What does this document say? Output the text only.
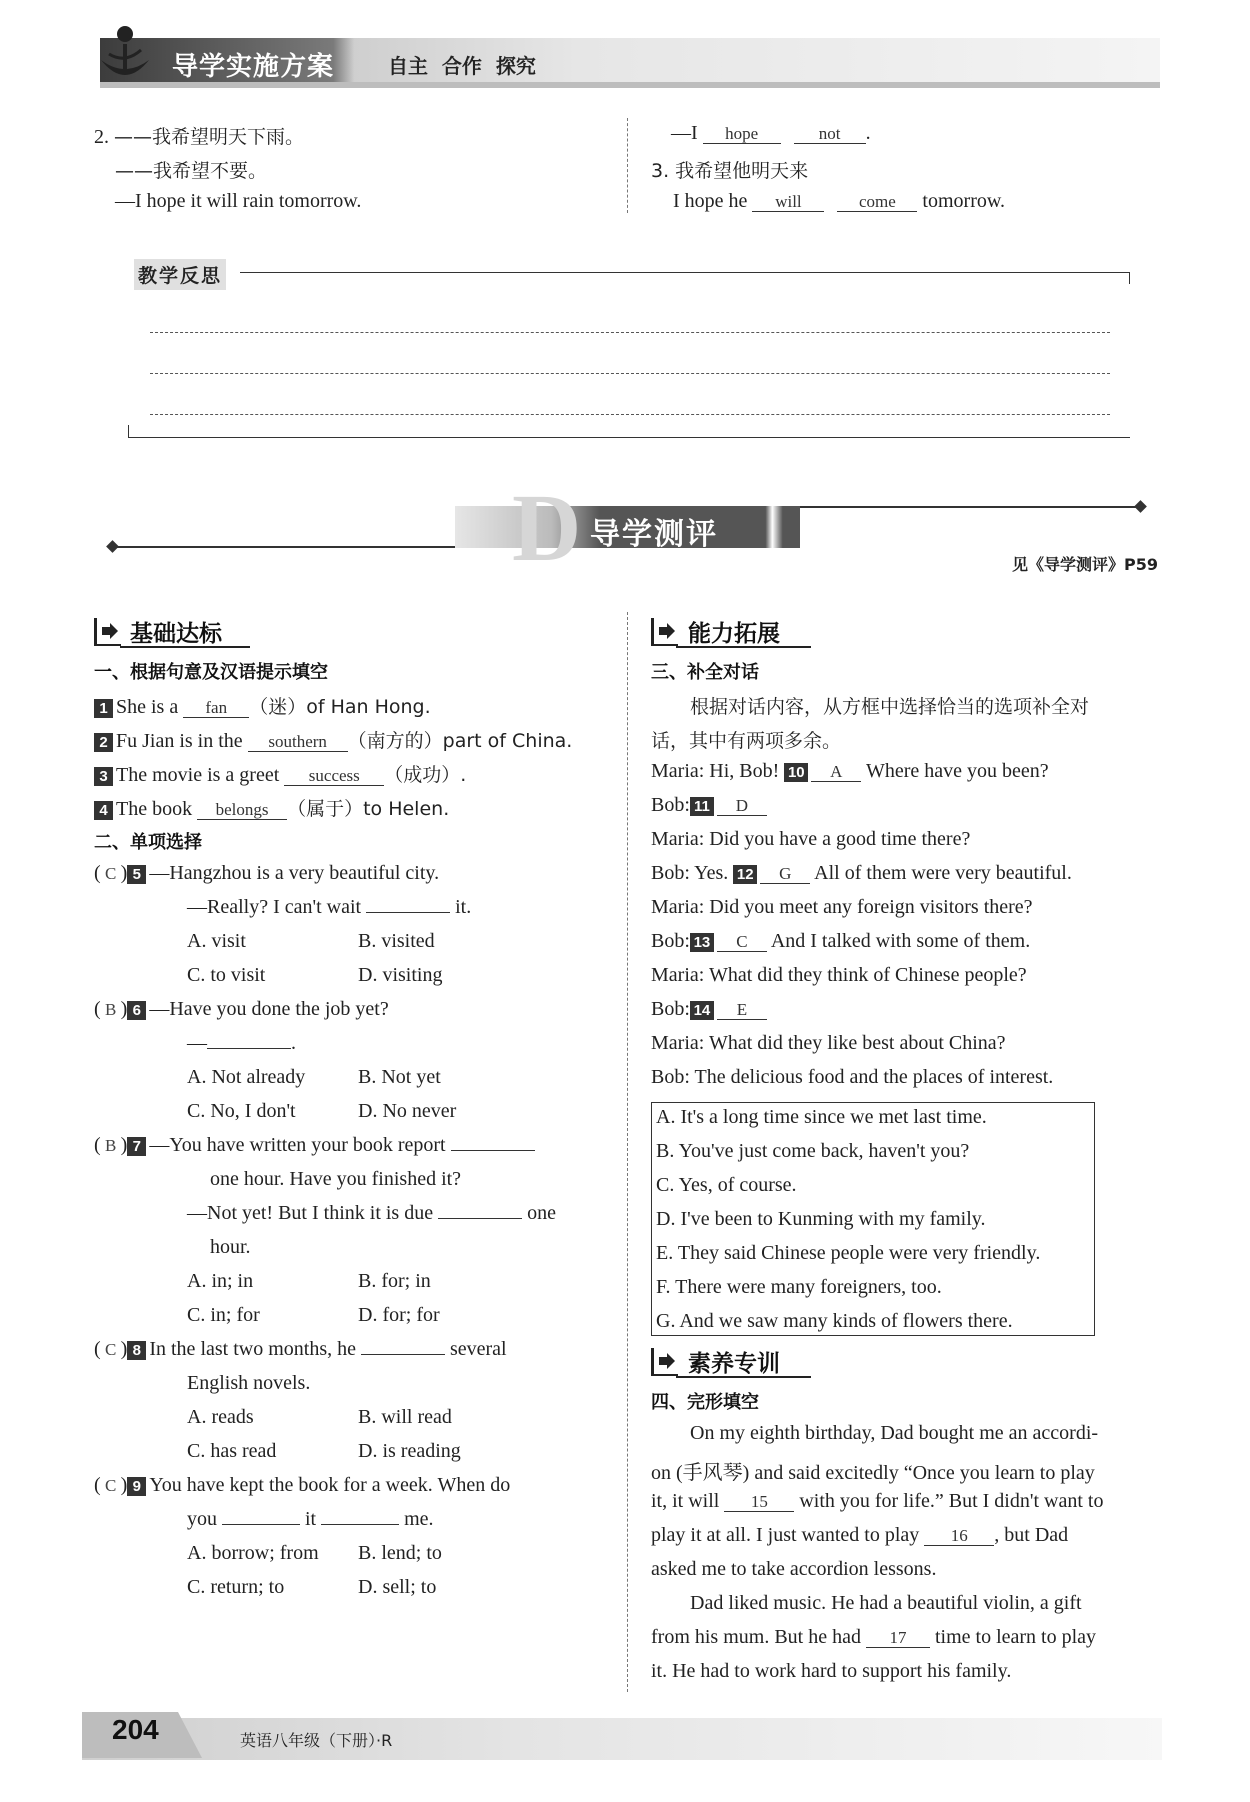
导学实施方案	自主  合作  探究
2. ——我希望明天下雨。
——我希望不要。
—I hope it will rain tomorrow.
—I hope	not .
3. 我希望他明天来
I hope he will	come tomorrow.
教学反思
D 导学测评
见《导学测评》P59
基础达标
一、根据句意及汉语提示填空
1 She is a fan （迷）of Han Hong.
2 Fu Jian is in the southern （南方的）part of China.
3 The movie is a greet success （成功）.
4 The book belongs （属于）to Helen.
二、单项选择
( C ) 5 —Hangzhou is a very beautiful city.
—Really? I can't wait	it.
A. visit	B. visited
C. to visit	D. visiting
( B ) 6 —Have you done the job yet?
—	.
A. Not already	B. Not yet
C. No, I don't	D. No never
( B ) 7 —You have written your book report
one hour. Have you finished it?
—Not yet! But I think it is due	one
hour.
A. in; in	B. for; in
C. in; for	D. for; for
( C ) 8 In the last two months, he	several
English novels.
A. reads	B. will read
C. has read	D. is reading
( C ) 9 You have kept the book for a week. When do
you	it	me.
A. borrow; from B. lend; to
C. return; to	D. sell; to
能力拓展
三、补全对话
根据对话内容，从方框中选择恰当的选项补全对
话，其中有两项多余。
Maria: Hi, Bob! 10 A Where have you been?
Bob: 11 D
Maria: Did you have a good time there?
Bob: Yes. 12 G All of them were very beautiful.
Maria: Did you meet any foreign visitors there?
Bob: 13 C And I talked with some of them.
Maria: What did they think of Chinese people?
Bob: 14 E
Maria: What did they like best about China?
Bob: The delicious food and the places of interest.
A. It's a long time since we met last time.
B. You've just come back, haven't you?
C. Yes, of course.
D. I've been to Kunming with my family.
E. They said Chinese people were very friendly.
F. There were many foreigners, too.
G. And we saw many kinds of flowers there.
素养专训
四、完形填空
On my eighth birthday, Dad bought me an accordi-
on (手风琴) and said excitedly “Once you learn to play
it, it will 15 with you for life.” But I didn't want to
play it at all. I just wanted to play 16 , but Dad
asked me to take accordion lessons.
Dad liked music. He had a beautiful violin, a gift
from his mum. But he had 17 time to learn to play
it. He had to work hard to support his family.
204	英语八年级（下册）·R
